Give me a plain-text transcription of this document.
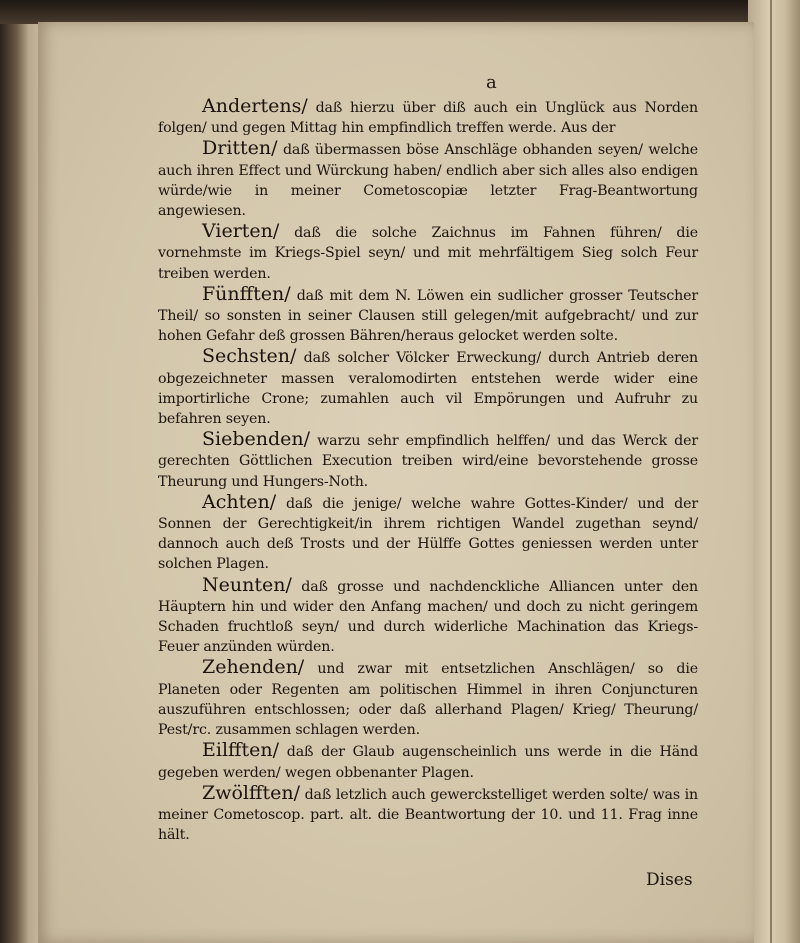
a

Andertens/ daß hierzu über diß auch ein Unglück aus Norden folgen/ und gegen Mittag hin empfindlich treffen werde. Aus der

Dritten/ daß übermassen böse Anschläge obhanden seyen/ welche auch ihren Effect und Würckung haben/ endlich aber sich alles also endigen würde/wie in meiner Cometoscopiæ letzter Frag-Beantwortung angewiesen.

Vierten/ daß die solche Zaichnus im Fahnen führen/ die vornehmste im Kriegs-Spiel seyn/ und mit mehrfältigem Sieg solch Feur treiben werden.

Fünfften/ daß mit dem N. Löwen ein sudlicher grosser Teutscher Theil/ so sonsten in seiner Clausen still gelegen/mit aufgebracht/ und zur hohen Gefahr deß grossen Bähren/heraus gelocket werden solte.

Sechsten/ daß solcher Völcker Erweckung/ durch Antrieb deren obgezeichneter massen veralomodirten entstehen werde wider eine importirliche Crone; zumahlen auch vil Empörungen und Aufruhr zu befahren seyen.

Siebenden/ warzu sehr empfindlich helffen/ und das Werck der gerechten Göttlichen Execution treiben wird/eine bevorstehende grosse Theurung und Hungers-Noth.

Achten/ daß die jenige/ welche wahre Gottes-Kinder/ und der Sonnen der Gerechtigkeit/in ihrem richtigen Wandel zugethan seynd/ dannoch auch deß Trosts und der Hülffe Gottes geniessen werden unter solchen Plagen.

Neunten/ daß grosse und nachdenckliche Alliancen unter den Häuptern hin und wider den Anfang machen/ und doch zu nicht geringem Schaden fruchtloß seyn/ und durch widerliche Machination das Kriegs-Feuer anzünden würden.

Zehenden/ und zwar mit entsetzlichen Anschlägen/ so die Planeten oder Regenten am politischen Himmel in ihren Conjuncturen auszuführen entschlossen; oder daß allerhand Plagen/ Krieg/ Theurung/ Pest/rc. zusammen schlagen werden.

Eilfften/ daß der Glaub augenscheinlich uns werde in die Händ gegeben werden/ wegen obbenanter Plagen.

Zwölfften/ daß letzlich auch gewerckstelliget werden solte/ was in meiner Cometoscop. part. alt. die Beantwortung der 10. und 11. Frag inne hält.

Dises
